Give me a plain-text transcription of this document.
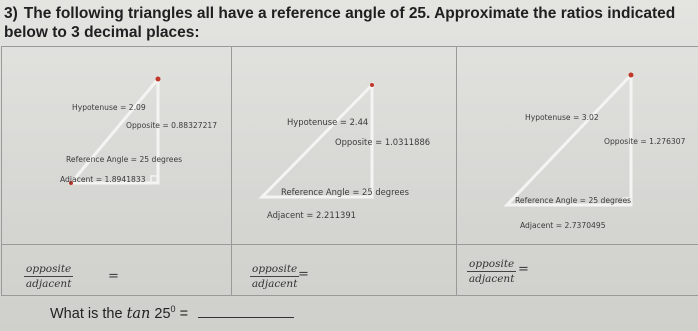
3) The following triangles all have a reference angle of 25. Approximate the ratios indicated below to 3 decimal places:
Hypotenuse = 2.09
Opposite = 0.88327217
Reference Angle = 25 degrees
Adjacent = 1.8941833
Hypotenuse = 2.44
Opposite = 1.0311886
Reference Angle = 25 degrees
Adjacent = 2.211391
Hypotenuse = 3.02
Opposite = 1.276307
Reference Angle = 25 degrees
Adjacent = 2.7370495
opposite
adjacent	=	opposite
adjacent
=
opposite
adjacent
=
What is the $\tan 25^0$ =
